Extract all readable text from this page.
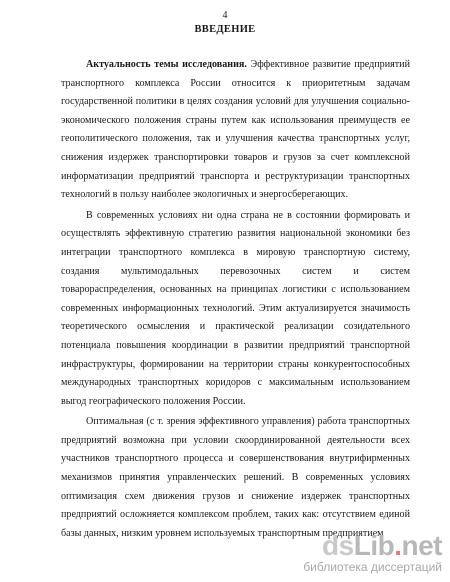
4
ВВЕДЕНИЕ

Актуальность темы исследования. Эффективное развитие предприятий транспортного комплекса России относится к приоритетным задачам государственной политики в целях создания условий для улучшения социально-экономического положения страны путем как использования преимуществ ее геополитического положения, так и улучшения качества транспортных услуг, снижения издержек транспортировки товаров и грузов за счет комплексной информатизации предприятий транспорта и реструктуризации транспортных технологий в пользу наиболее экологичных и энергосберегающих.

В современных условиях ни одна страна не в состоянии формировать и осуществлять эффективную стратегию развития национальной экономики без интеграции транспортного комплекса в мировую транспортную систему, создания мультимодальных перевозочных систем и систем товарораспределения, основанных на принципах логистики с использованием современных информационных технологий. Этим актуализируется значимость теоретического осмысления и практической реализации созидательного потенциала повышения координации в развитии предприятий транспортной инфраструктуры, формировании на территории страны конкурентоспособных международных транспортных коридоров с максимальным использованием выгод географического положения России.

Оптимальная (с т. зрения эффективного управления) работа транспортных предприятий возможна при условии скоординированной деятельности всех участников транспортного процесса и совершенствования внутрифирменных механизмов принятия управленческих решений. В современных условиях оптимизация схем движения грузов и снижение издержек транспортных предприятий осложняется комплексом проблем, таких как: отсутствием единой базы данных, низким уровнем используемых транспортным предприятием

dsLib.net
библиотека диссертаций
